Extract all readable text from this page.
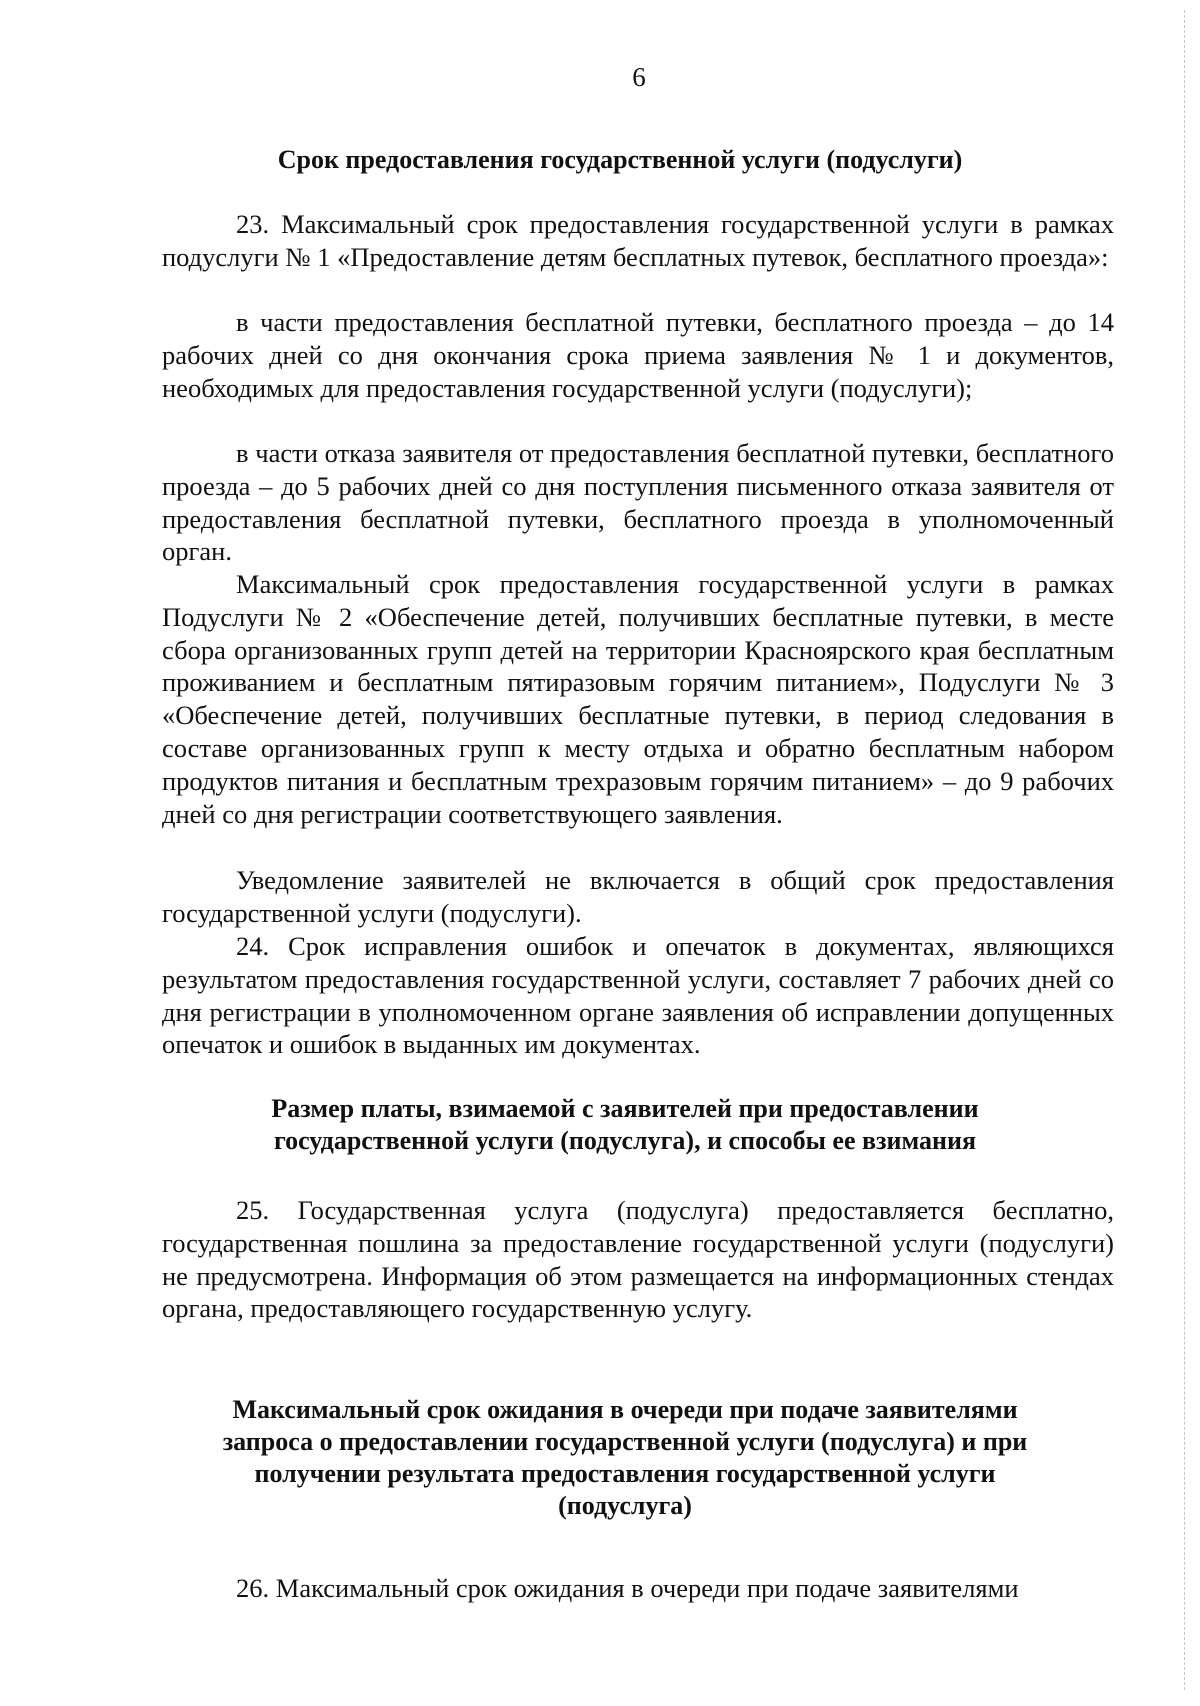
6
Срок предоставления государственной услуги (подуслуги)

23. Максимальный срок предоставления государственной услуги в рамках подуслуги № 1 «Предоставление детям бесплатных путевок, бесплатного проезда»:

в части предоставления бесплатной путевки, бесплатного проезда – до 14 рабочих дней со дня окончания срока приема заявления № 1 и документов, необходимых для предоставления государственной услуги (подуслуги);

в части отказа заявителя от предоставления бесплатной путевки, бесплатного проезда – до 5 рабочих дней со дня поступления письменного отказа заявителя от предоставления бесплатной путевки, бесплатного проезда в уполномоченный орган.

Максимальный срок предоставления государственной услуги в рамках Подуслуги № 2 «Обеспечение детей, получивших бесплатные путевки, в месте сбора организованных групп детей на территории Красноярского края бесплатным проживанием и бесплатным пятиразовым горячим питанием», Подуслуги № 3 «Обеспечение детей, получивших бесплатные путевки, в период следования в составе организованных групп к месту отдыха и обратно бесплатным набором продуктов питания и бесплатным трехразовым горячим питанием» – до 9 рабочих дней со дня регистрации соответствующего заявления.

Уведомление заявителей не включается в общий срок предоставления государственной услуги (подуслуги).

24. Срок исправления ошибок и опечаток в документах, являющихся результатом предоставления государственной услуги, составляет 7 рабочих дней со дня регистрации в уполномоченном органе заявления об исправлении допущенных опечаток и ошибок в выданных им документах.

Размер платы, взимаемой с заявителей при предоставлении
государственной услуги (подуслуга), и способы ее взимания

25. Государственная услуга (подуслуга) предоставляется бесплатно, государственная пошлина за предоставление государственной услуги (подуслуги) не предусмотрена. Информация об этом размещается на информационных стендах органа, предоставляющего государственную услугу.

Максимальный срок ожидания в очереди при подаче заявителями
запроса о предоставлении государственной услуги (подуслуга) и при
получении результата предоставления государственной услуги
(подуслуга)

26. Максимальный срок ожидания в очереди при подаче заявителями
